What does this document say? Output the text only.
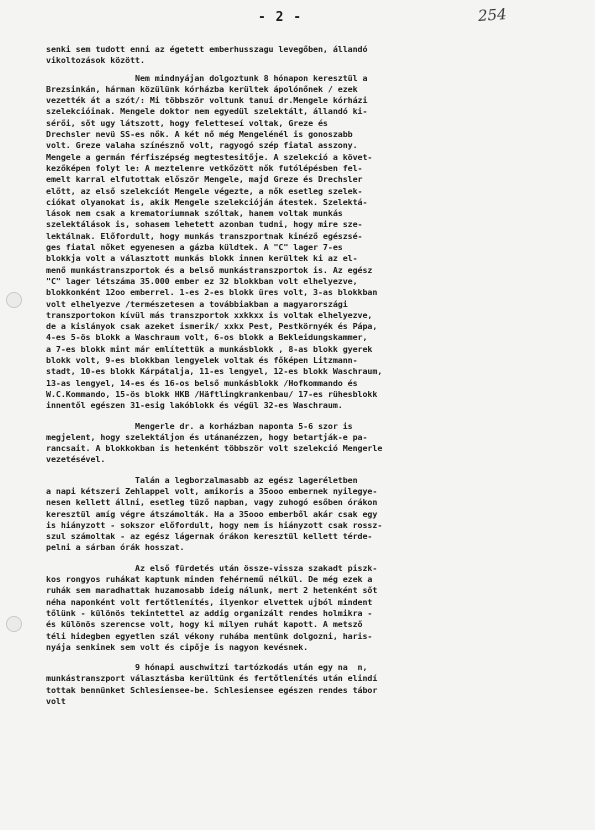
- 2 -	254
senki sem tudott enni az égetett emberhusszagu levegőben, állandó
vikoltozások között.
Nem mindnyájan dolgoztunk 8 hónapon keresztül a
Brezsinkán, hárman közülünk kórházba kerültek ápolónőnek / ezek
vezették át a szót/: Mi többször voltunk tanui dr.Mengele kórházi
szelekcióinak. Mengele doktor nem egyedül szelektált, állandó ki-
sérői, sőt ugy látszott, hogy feletteseí voltak, Greze és
Drechsler nevü SS-es nők. A két nő még Mengelénél is gonoszabb
volt. Greze valaha színésznő volt, ragyogó szép fiatal asszony.
Mengele a germán férfiszépség megtestesitője. A szelekció a követ-
kezőképen folyt le: A meztelenre vetkőzött nők futólépésben fel-
emelt karral elfutottak először Mengele, majd Greze és Drechsler
előtt, az első szelekciót Mengele végezte, a nők esetleg szelek-
ciókat olyanokat is, akik Mengele szelekcióján átestek. Szelektá-
lások nem csak a krematoriumnak szóltak, hanem voltak munkás
szelektálások is, sohasem lehetett azonban tudni, hogy mire sze-
lektálnak. Előfordult, hogy munkás transzportnak kinéző egészsé-
ges fiatal nőket egyenesen a gázba küldtek. A "C" lager 7-es
blokkja volt a választott munkás blokk innen kerültek ki az el-
menő munkástranszportok és a belső munkástranszportok is. Az egész
"C" lager létszáma 35.000 ember ez 32 blokkban volt elhelyezve,
blokkonként 12oo emberrel. 1-es 2-es blokk üres volt, 3-as blokkban
volt elhelyezve /természetesen a továbbiakban a magyarországi
transzportokon kívül más transzportok xxkkxx is voltak elhelyezve,
de a kislányok csak azeket ismerik/ xxkx Pest, Pestkörnyék és Pápa,
4-es 5-ös blokk a Waschraum volt, 6-os blokk a Bekleidungskammer,
a 7-es blokk mint már említettük a munkásblokk , 8-as blokk gyerek
blokk volt, 9-es blokkban lengyelek voltak és főképen Litzmann-
stadt, 10-es blokk Kárpátalja, 11-es lengyel, 12-es blokk Waschraum,
13-as lengyel, 14-es és 16-os belső munkásblokk /Hofkommando és
W.C.Kommando, 15-ös blokk HKB /Häftlingkrankenbau/ 17-es rühesblokk
innentől egészen 31-esig lakóblokk és végül 32-es Waschraum.
Mengerle dr. a korházban naponta 5-6 szor is
megjelent, hogy szelektáljon és utánanézzen, hogy betartják-e pa-
rancsait. A blokkokban is hetenként többször volt szelekció Mengerle
vezetésével.
Talán a legborzalmasabb az egész lageréletben
a napi kétszeri Zehlappel volt, amikoris a 35ooo embernek nyilegye-
nesen kellett állni, esetleg tüző napban, vagy zuhogó esőben órákon
keresztül amíg végre átszámolták. Ha a 35ooo emberből akár csak egy
is hiányzott - sokszor előfordult, hogy nem is hiányzott csak rossz-
szul számoltak - az egész lágernak órákon keresztül kellett térde-
pelni a sárban órák hosszat.
Az első fürdetés után össze-vissza szakadt piszk-
kos rongyos ruhákat kaptunk minden fehérnemű nélkül. De még ezek a
ruhák sem maradhattak huzamosabb ideig nálunk, mert 2 hetenként sőt
néha naponként volt fertőtlenítés, ilyenkor elvettek ujból mindent
tőlünk - különös tekintettel az addig organizált rendes holmikra -
és különös szerencse volt, hogy ki milyen ruhát kapott. A metsző
téli hidegben egyetlen szál vékony ruhába mentünk dolgozni, haris-
nyája senkinek sem volt és cipője is nagyon kevésnek.
9 hónapi auschwitzi tartózkodás után egy na  n,
munkástranszport választásba kerültünk és fertőtlenítés után elindí
tottak bennünket Schlesiensee-be. Schlesiensee egészen rendes tábor
volt
